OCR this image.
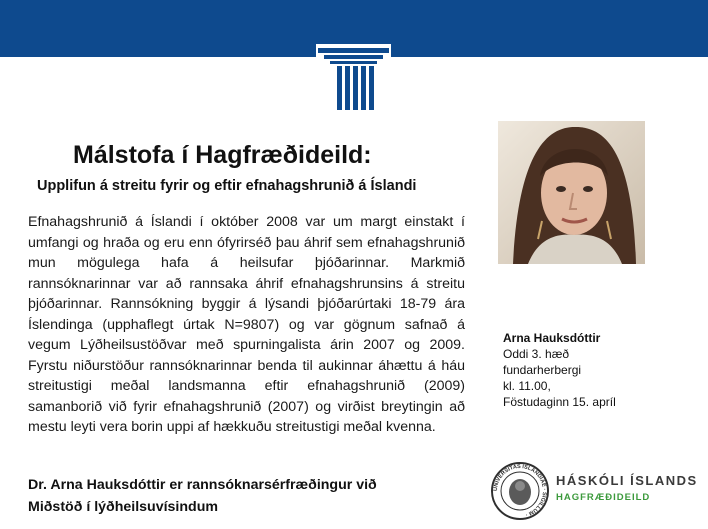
Málstofa í Hagfræðideild:
Upplifun á streitu fyrir og eftir efnahagshrunið á Íslandi

Efnahagshrunið á Íslandi í október 2008 var um margt einstakt í umfangi og hraða og eru enn ófyrirséð þau áhrif sem efnahagshrunið mun mögulega hafa á heilsufar þjóðarinnar. Markmið rannsóknarinnar var að rannsaka áhrif efnahagshrunsins á streitu þjóðarinnar. Rannsókning byggir á lýsandi þjóðarúrtaki 18-79 ára Íslendinga (upphaflegt úrtak N=9807) og var gögnum safnað á vegum Lýðheilsustöðvar með spurningalista árin 2007 og 2009. Fyrstu niðurstöður rannsóknarinnar benda til aukinnar áhættu á háu streitustigi meðal landsmanna eftir efnahagshrunið (2009) samanborið við fyrir efnahagshrunið (2007) og virðist breytingin að mestu leyti vera borin uppi af hækkuðu streitustigi meðal kvenna.

Dr. Arna Hauksdóttir er rannsóknarsérfræðingur við
Miðstöð í lýðheilsuvísindum
Arna Hauksdóttir
Oddi 3. hæð
fundarherbergi
kl. 11.00,
Föstudaginn 15. apríl
UNIVERSITAS ISLANDIAE · SIGILLUM ·
HÁSKÓLI ÍSLANDS
HAGFRÆÐIDEILD
